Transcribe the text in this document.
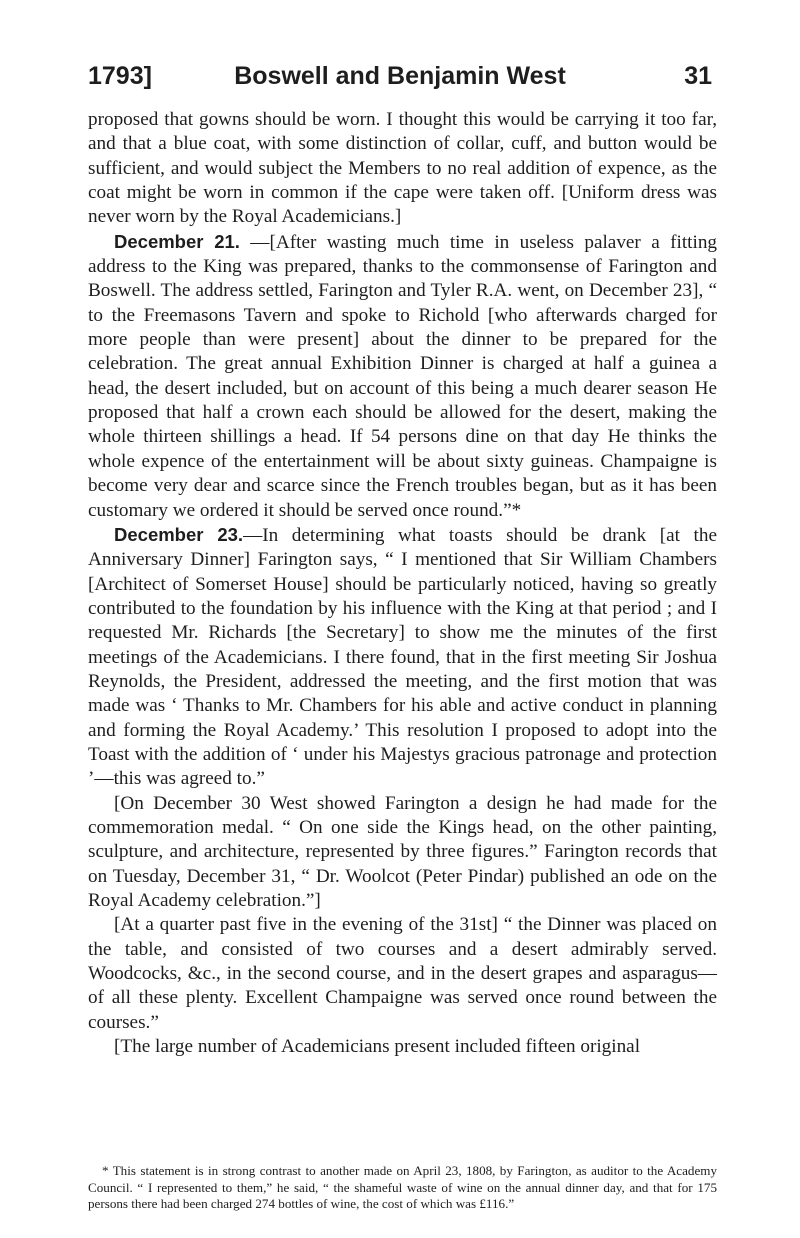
1793]	Boswell and Benjamin West	31

proposed that gowns should be worn. I thought this would be carrying it too far, and that a blue coat, with some distinction of collar, cuff, and button would be sufficient, and would subject the Members to no real addition of expence, as the coat might be worn in common if the cape were taken off. [Uniform dress was never worn by the Royal Academicians.]

December 21. —[After wasting much time in useless palaver a fitting address to the King was prepared, thanks to the commonsense of Farington and Boswell. The address settled, Farington and Tyler R.A. went, on December 23], “ to the Freemasons Tavern and spoke to Richold [who afterwards charged for more people than were present] about the dinner to be prepared for the celebration. The great annual Exhibition Dinner is charged at half a guinea a head, the desert included, but on account of this being a much dearer season He proposed that half a crown each should be allowed for the desert, making the whole thirteen shillings a head. If 54 persons dine on that day He thinks the whole expence of the entertainment will be about sixty guineas. Champaigne is become very dear and scarce since the French troubles began, but as it has been customary we ordered it should be served once round.”*

December 23.—In determining what toasts should be drank [at the Anniversary Dinner] Farington says, “ I mentioned that Sir William Chambers [Architect of Somerset House] should be particularly noticed, having so greatly contributed to the foundation by his influence with the King at that period ; and I requested Mr. Richards [the Secretary] to show me the minutes of the first meetings of the Academicians. I there found, that in the first meeting Sir Joshua Reynolds, the President, addressed the meeting, and the first motion that was made was ‘ Thanks to Mr. Chambers for his able and active conduct in planning and forming the Royal Academy.’ This resolution I proposed to adopt into the Toast with the addition of ‘ under his Majestys gracious patronage and protection ’—this was agreed to.”

[On December 30 West showed Farington a design he had made for the commemoration medal. “ On one side the Kings head, on the other painting, sculpture, and architecture, represented by three figures.” Farington records that on Tuesday, December 31, “ Dr. Woolcot (Peter Pindar) published an ode on the Royal Academy celebration.”]

[At a quarter past five in the evening of the 31st] “ the Dinner was placed on the table, and consisted of two courses and a desert admirably served. Woodcocks, &c., in the second course, and in the desert grapes and asparagus—of all these plenty. Excellent Champaigne was served once round between the courses.”

[The large number of Academicians present included fifteen original

* This statement is in strong contrast to another made on April 23, 1808, by Farington, as auditor to the Academy Council. “ I represented to them,” he said, “ the shameful waste of wine on the annual dinner day, and that for 175 persons there had been charged 274 bottles of wine, the cost of which was £116.”
